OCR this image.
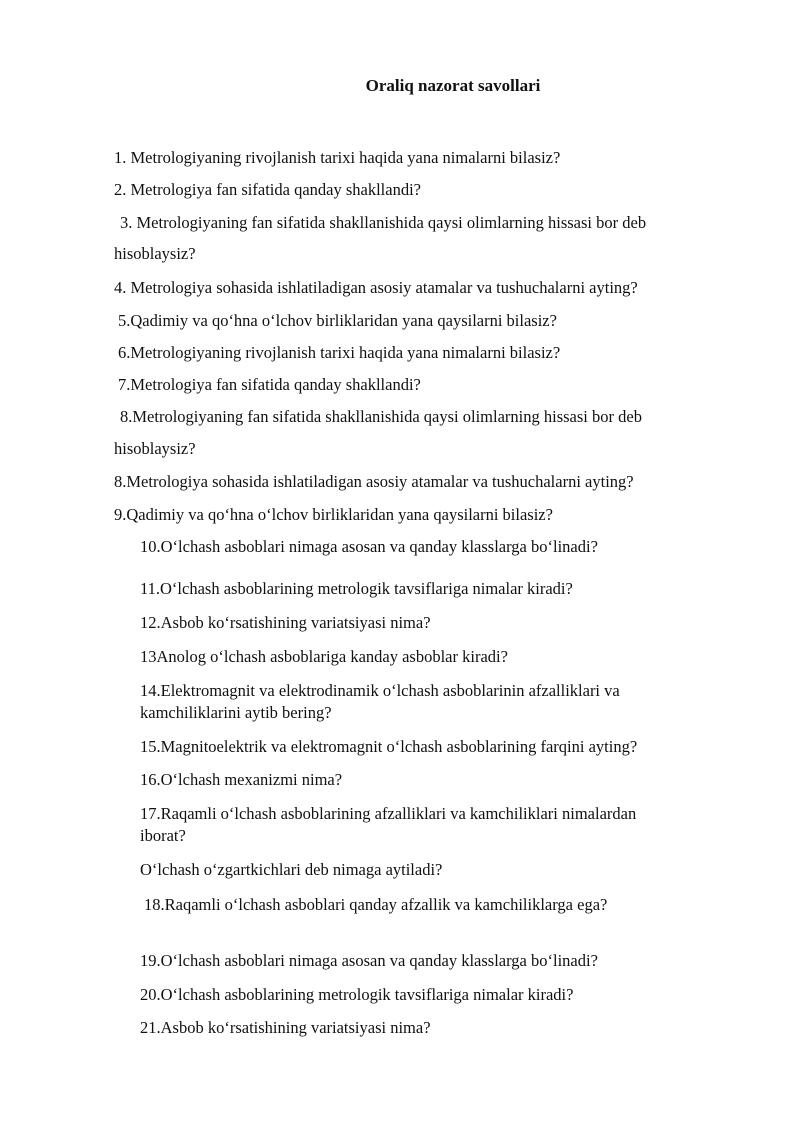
Oraliq nazorat savollari
1. Metrologiyaning rivojlanish tarixi haqida yana nimalarni bilasiz?
2. Metrologiya fan sifatida qanday shakllandi?
3. Metrologiyaning fan sifatida shakllanishida qaysi olimlarning hissasi bor deb
hisoblaysiz?
4. Metrologiya sohasida ishlatiladigan asosiy atamalar va tushuchalarni ayting?
5.Qadimiy va qo‘hna o‘lchov birliklaridan yana qaysilarni bilasiz?
6.Metrologiyaning rivojlanish tarixi haqida yana nimalarni bilasiz?
7.Metrologiya fan sifatida qanday shakllandi?
8.Metrologiyaning fan sifatida shakllanishida qaysi olimlarning hissasi bor deb
hisoblaysiz?
8.Metrologiya sohasida ishlatiladigan asosiy atamalar va tushuchalarni ayting?
9.Qadimiy va qo‘hna o‘lchov birliklaridan yana qaysilarni bilasiz?
10.O‘lchash asboblari nimaga asosan va qanday klasslarga bo‘linadi?
11.O‘lchash asboblarining metrologik tavsiflariga nimalar kiradi?
12.Asbob ko‘rsatishining variatsiyasi nima?
13Anolog o‘lchash asboblariga kanday asboblar kiradi?
14.Elektromagnit va elektrodinamik o‘lchash asboblarinin afzalliklari va
kamchiliklarini aytib bering?
15.Magnitoelektrik va elektromagnit o‘lchash asboblarining farqini ayting?
16.O‘lchash mexanizmi nima?
17.Raqamli o‘lchash asboblarining afzalliklari va kamchiliklari nimalardan
iborat?
O‘lchash o‘zgartkichlari deb nimaga aytiladi?
18.Raqamli o‘lchash asboblari qanday afzallik va kamchiliklarga ega?
19.O‘lchash asboblari nimaga asosan va qanday klasslarga bo‘linadi?
20.O‘lchash asboblarining metrologik tavsiflariga nimalar kiradi?
21.Asbob ko‘rsatishining variatsiyasi nima?
